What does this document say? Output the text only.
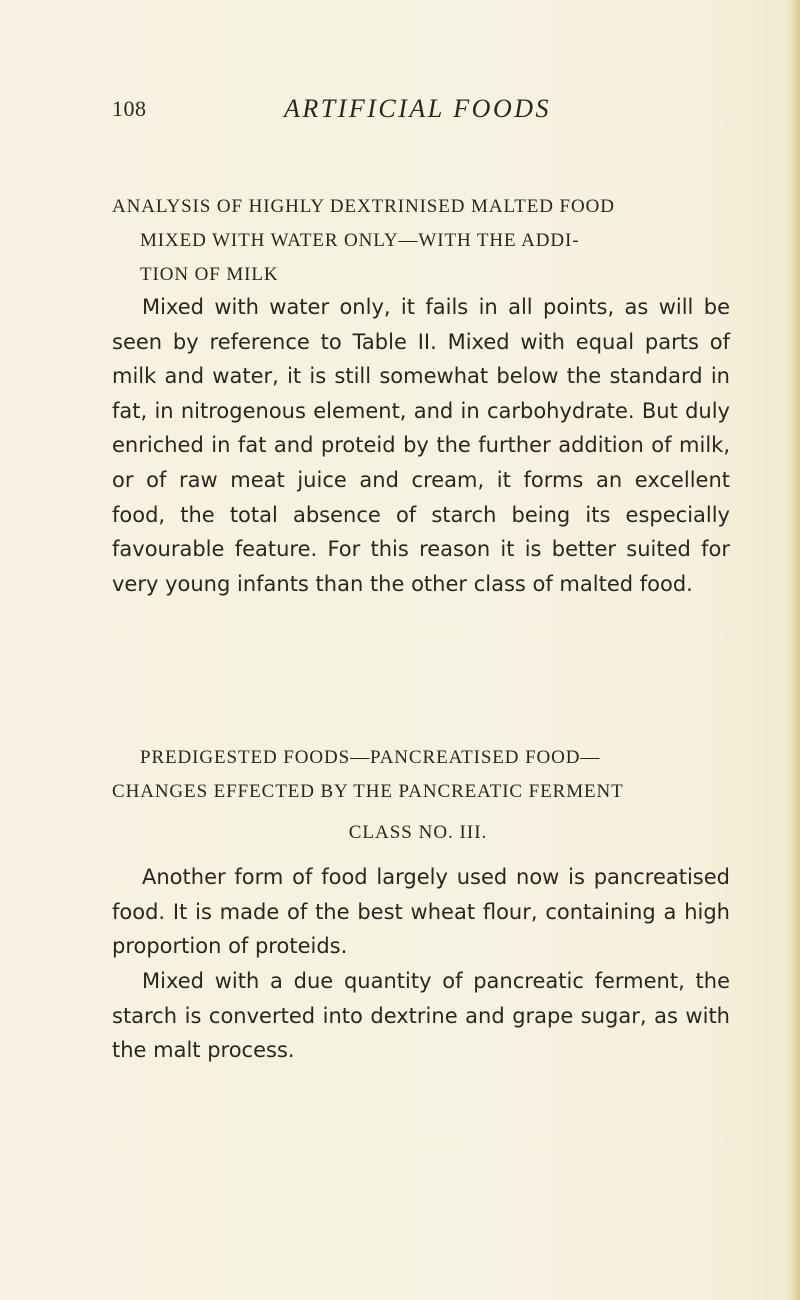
108	ARTIFICIAL FOODS
ANALYSIS OF HIGHLY DEXTRINISED MALTED FOOD
MIXED WITH WATER ONLY—WITH THE ADDI-
TION OF MILK

Mixed with water only, it fails in all points, as will be seen by reference to Table II. Mixed with equal parts of milk and water, it is still somewhat below the standard in fat, in nitrogenous element, and in carbohydrate. But duly enriched in fat and proteid by the further addition of milk, or of raw meat juice and cream, it forms an excellent food, the total absence of starch being its especially favourable feature. For this reason it is better suited for very young infants than the other class of malted food.

PREDIGESTED FOODS—PANCREATISED FOOD—
CHANGES EFFECTED BY THE PANCREATIC FERMENT
CLASS NO. III.

Another form of food largely used now is pancreatised food. It is made of the best wheat flour, containing a high proportion of proteids.

Mixed with a due quantity of pancreatic ferment, the starch is converted into dextrine and grape sugar, as with the malt process.
